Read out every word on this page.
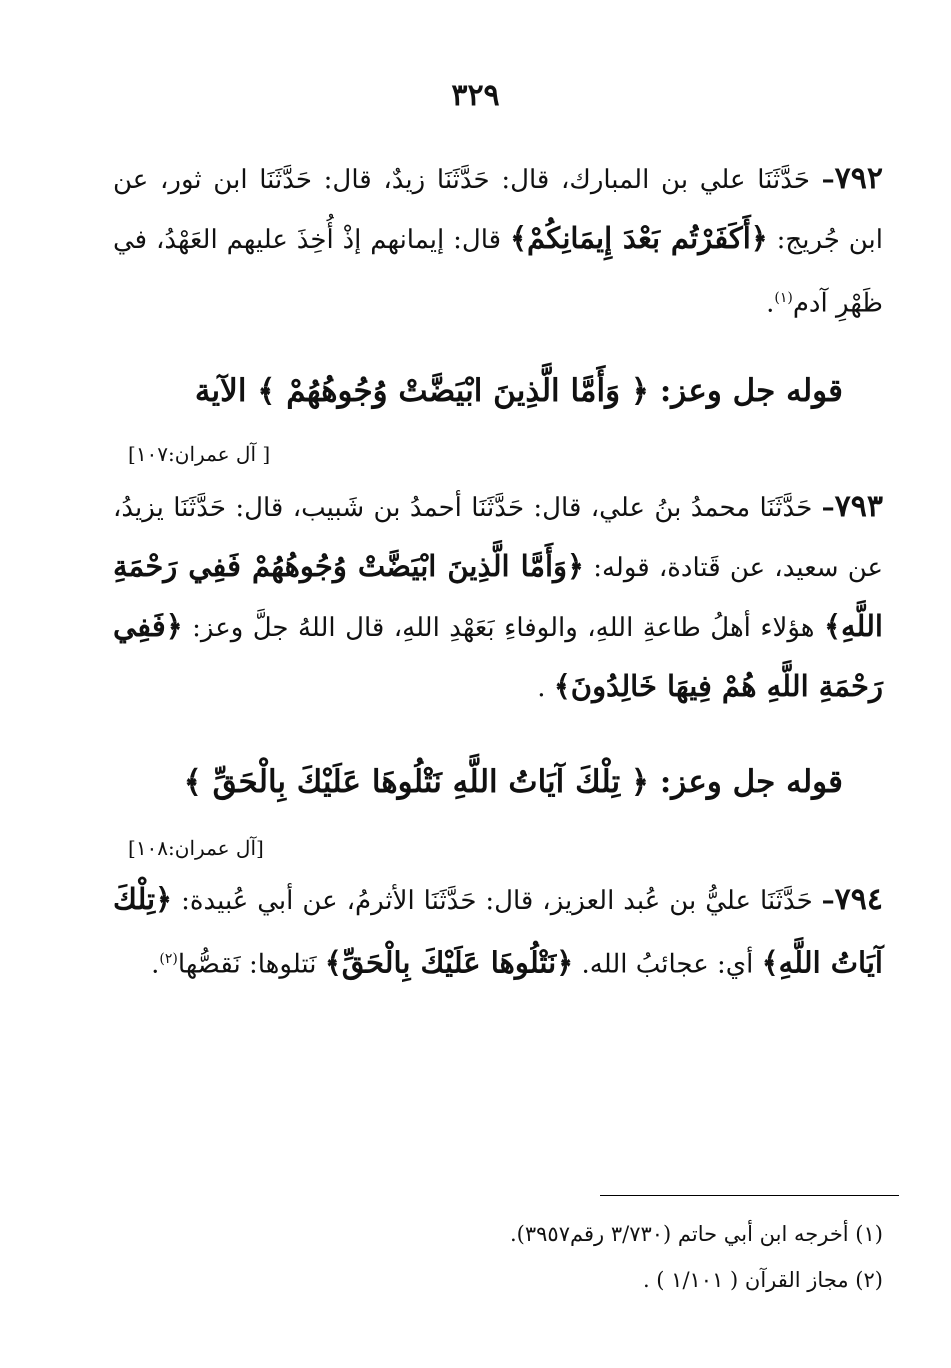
٣٢٩
٧٩٢– حَدَّثَنَا علي بن المبارك، قال: حَدَّثَنَا زيدٌ، قال: حَدَّثَنَا ابن ثور، عن ابن جُريج: ﴿أَكَفَرْتُم بَعْدَ إِيمَانِكُمْ﴾ قال: إيمانهم إذْ أُخِذَ عليهم العَهْدُ، في ظَهْرِ آدم$^{(١)}$.
قوله جل وعز: ﴿ وَأَمَّا الَّذِينَ ابْيَضَّتْ وُجُوهُهُمْ ﴾ الآية
[ آل عمران:١٠٧]
٧٩٣– حَدَّثَنَا محمدُ بنُ علي، قال: حَدَّثَنَا أحمدُ بن شَبيب، قال: حَدَّثَنَا يزيدُ، عن سعيد، عن قَتادة، قوله: ﴿وَأَمَّا الَّذِينَ ابْيَضَّتْ وُجُوهُهُمْ فَفِي رَحْمَةِ اللَّهِ﴾ هؤلاء أهلُ طاعةِ اللهِ، والوفاءِ بَعَهْدِ اللهِ، قال اللهُ جلَّ وعز: ﴿فَفِي رَحْمَةِ اللَّهِ هُمْ فِيهَا خَالِدُونَ﴾ .
قوله جل وعز: ﴿ تِلْكَ آيَاتُ اللَّهِ نَتْلُوهَا عَلَيْكَ بِالْحَقِّ ﴾
[آل عمران:١٠٨]
٧٩٤– حَدَّثَنَا عليُّ بن عُبد العزيز، قال: حَدَّثَنَا الأثرمُ، عن أبي عُبيدة: ﴿تِلْكَ آيَاتُ اللَّهِ﴾ أي: عجائبُ الله. ﴿نَتْلُوهَا عَلَيْكَ بِالْحَقِّ﴾ نَتلوها: نَقصُّها$^{(٢)}$.
(١) أخرجه ابن أبي حاتم (٣/٧٣٠ رقم٣٩٥٧).
(٢) مجاز القرآن ( ١/١٠١ ) .
